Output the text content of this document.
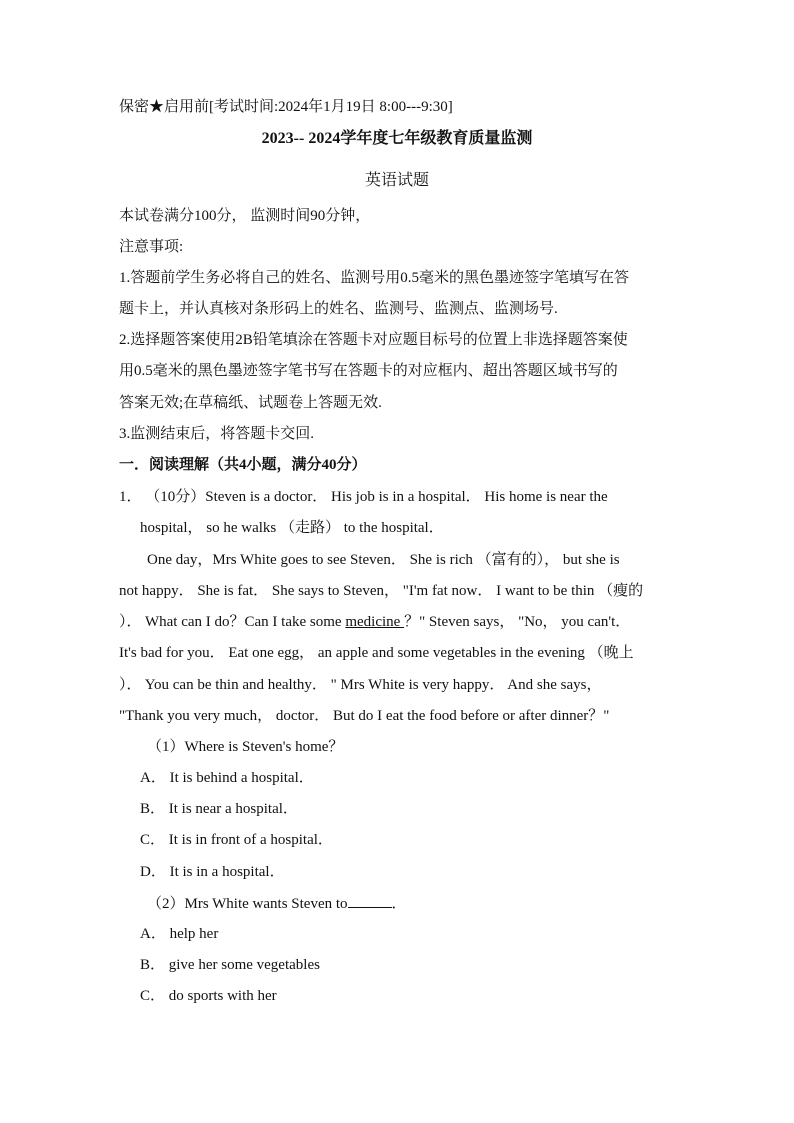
保密★启用前[考试时间:2024年1月19日 8:00---9:30]
2023-- 2024学年度七年级教育质量监测
英语试题
本试卷满分100分， 监测时间90分钟，
注意事项:
1.答题前学生务必将自己的姓名、监测号用0.5毫米的黑色墨迹签字笔填写在答
题卡上，并认真核对条形码上的姓名、监测号、监测点、监测场号.
2.选择题答案使用2B铅笔填涂在答题卡对应题目标号的位置上非选择题答案使
用0.5毫米的黑色墨迹签字笔书写在答题卡的对应框内、超出答题区域书写的
答案无效;在草稿纸、试题卷上答题无效.
3.监测结束后，将答题卡交回.
一．阅读理解（共4小题，满分40分）
1． （10分）Steven is a doctor． His job is in a hospital． His home is near the
hospital， so he walks （走路） to the hospital．
One day，Mrs White goes to see Steven． She is rich （富有的）， but she is
not happy． She is fat． She says to Steven， "I'm fat now． I want to be thin （瘦的
）． What can I do？Can I take some medicine ？" Steven says， "No， you can't．
It's bad for you． Eat one egg， an apple and some vegetables in the evening （晚上
）． You can be thin and healthy． " Mrs White is very happy． And she says，
"Thank you very much， doctor． But do I eat the food before or after dinner？"
（1）Where is Steven's home？
A． It is behind a hospital．
B． It is near a hospital．
C． It is in front of a hospital．
D． It is in a hospital．
（2）Mrs White wants Steven to	．
A． help her
B． give her some vegetables
C． do sports with her
